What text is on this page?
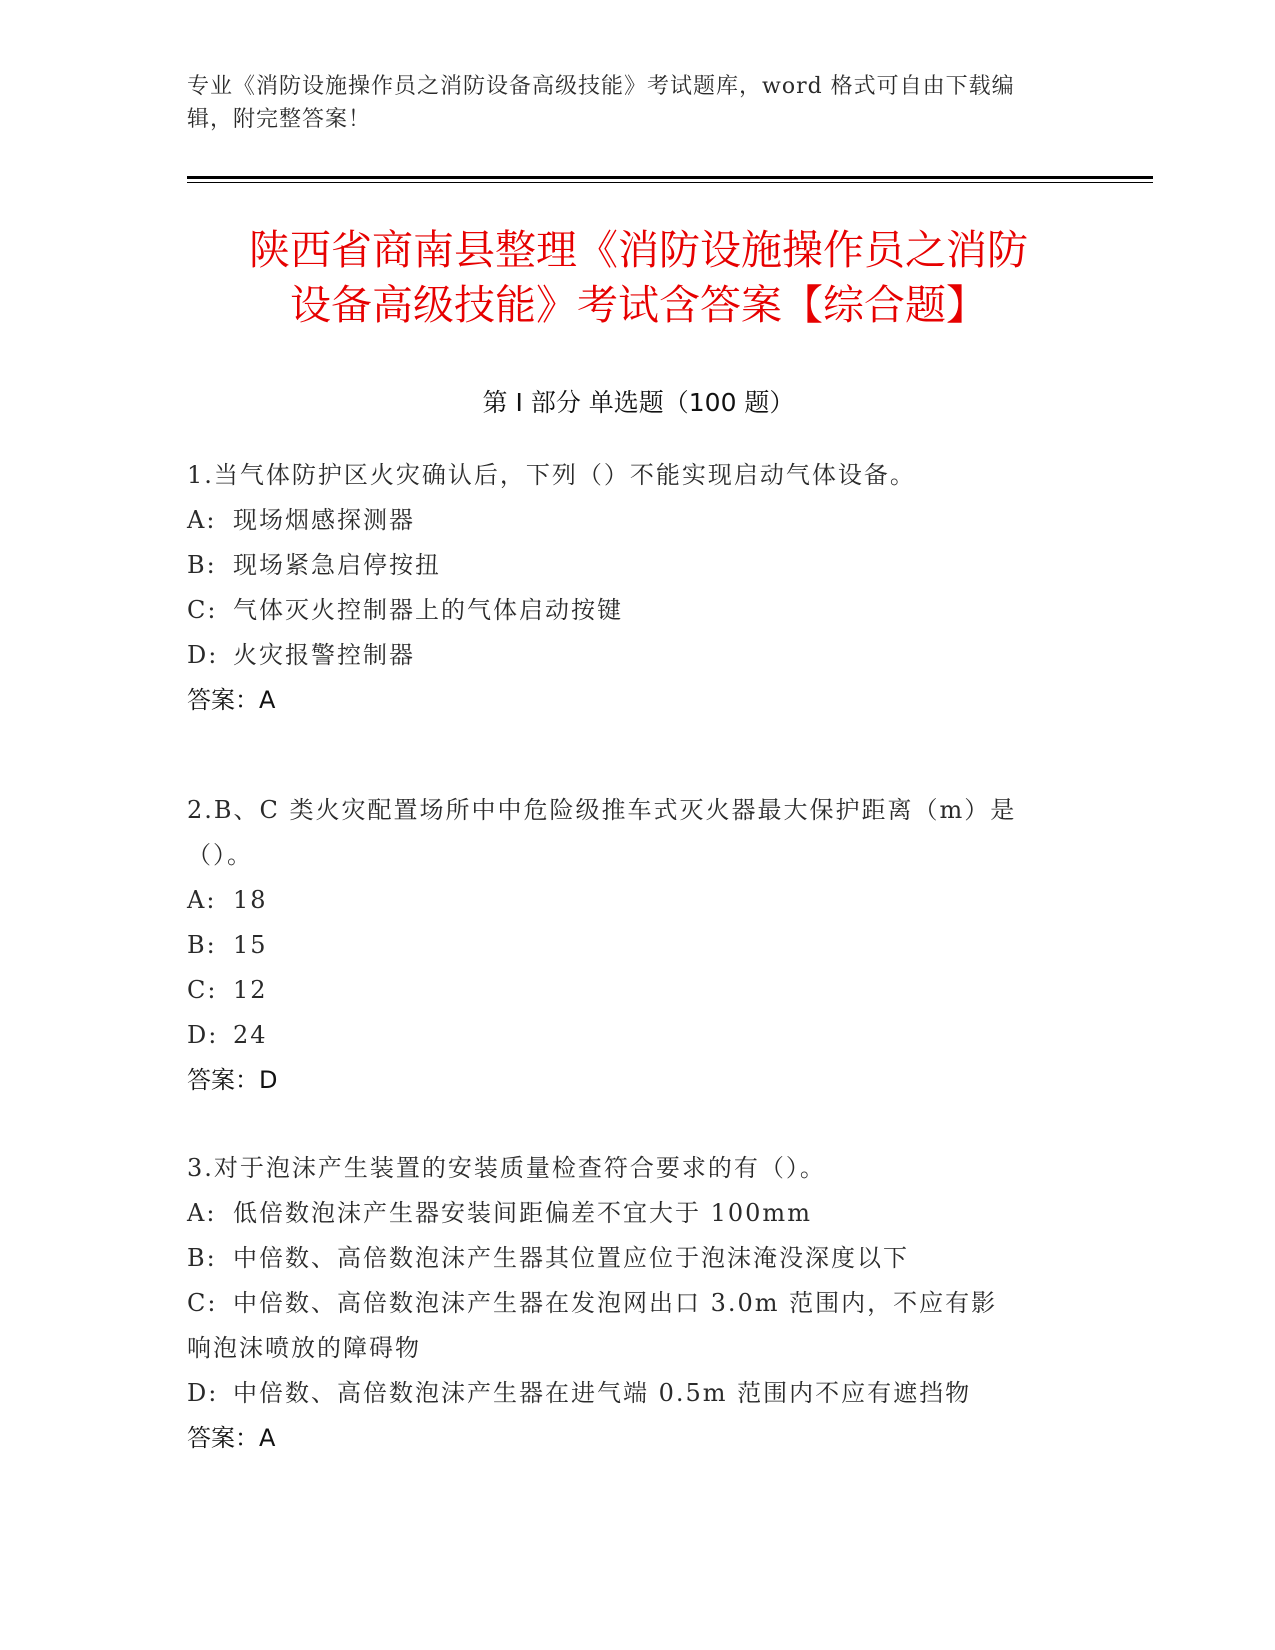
专业《消防设施操作员之消防设备高级技能》考试题库，word 格式可自由下载编
辑，附完整答案！
陕西省商南县整理《消防设施操作员之消防
设备高级技能》考试含答案【综合题】
第 I 部分 单选题（100 题）
1.当气体防护区火灾确认后，下列（）不能实现启动气体设备。
A: 现场烟感探测器
B: 现场紧急启停按扭
C: 气体灭火控制器上的气体启动按键
D: 火灾报警控制器
答案：A
2.B、C 类火灾配置场所中中危险级推车式灭火器最大保护距离（m）是
（）。
A: 18
B: 15
C: 12
D: 24
答案：D
3.对于泡沫产生装置的安装质量检查符合要求的有（）。
A: 低倍数泡沫产生器安装间距偏差不宜大于 100mm
B: 中倍数、高倍数泡沫产生器其位置应位于泡沫淹没深度以下
C: 中倍数、高倍数泡沫产生器在发泡网出口 3.0m 范围内，不应有影
响泡沫喷放的障碍物
D: 中倍数、高倍数泡沫产生器在进气端 0.5m 范围内不应有遮挡物
答案：A
